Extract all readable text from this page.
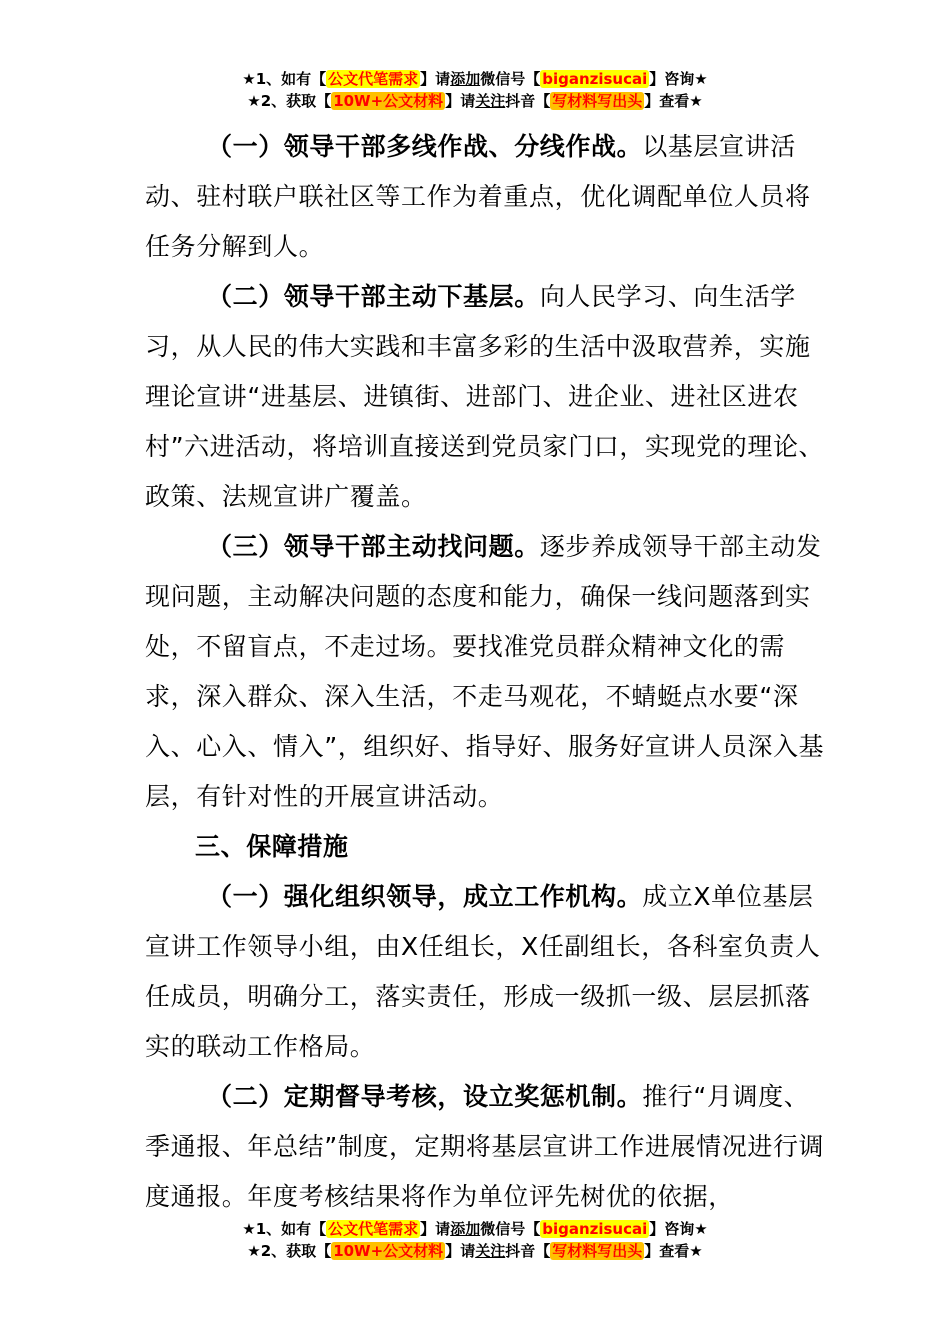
★1、如有【 公文代笔需求 】请添加微信号【 biganzisucai 】咨询★
★2、获取【 10W+公文材料 】请关注抖音【 写材料写出头 】查看★

（一）领导干部多线作战、分线作战。以基层宣讲活动、驻村联户联社区等工作为着重点，优化调配单位人员将任务分解到人。

（二）领导干部主动下基层。向人民学习、向生活学习，从人民的伟大实践和丰富多彩的生活中汲取营养，实施理论宣讲“进基层、进镇街、进部门、进企业、进社区进农村”六进活动，将培训直接送到党员家门口，实现党的理论、政策、法规宣讲广覆盖。

（三）领导干部主动找问题。逐步养成领导干部主动发现问题，主动解决问题的态度和能力，确保一线问题落到实处，不留盲点，不走过场。要找准党员群众精神文化的需求，深入群众、深入生活，不走马观花，不蜻蜓点水要“深入、心入、情入”，组织好、指导好、服务好宣讲人员深入基层，有针对性的开展宣讲活动。

三、保障措施

（一）强化组织领导，成立工作机构。成立X单位基层宣讲工作领导小组，由X任组长，X任副组长，各科室负责人任成员，明确分工，落实责任，形成一级抓一级、层层抓落实的联动工作格局。

（二）定期督导考核，设立奖惩机制。推行“月调度、季通报、年总结”制度，定期将基层宣讲工作进展情况进行调度通报。年度考核结果将作为单位评先树优的依据，

★1、如有【 公文代笔需求 】请添加微信号【 biganzisucai 】咨询★
★2、获取【 10W+公文材料 】请关注抖音【 写材料写出头 】查看★
